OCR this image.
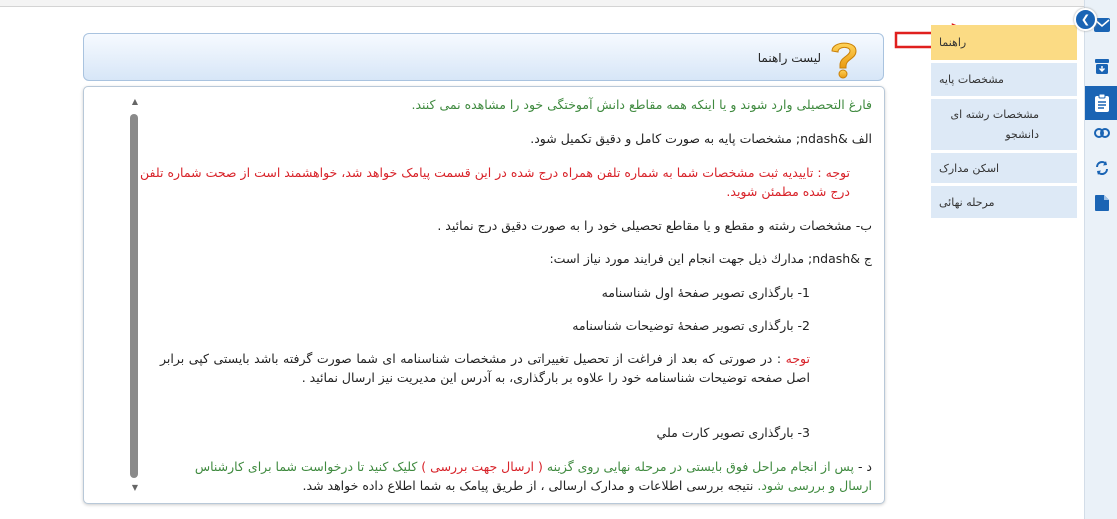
لیست راهنما
▲
▼
فارغ التحصیلی وارد شوند و یا اینکه همه مقاطع دانش آموختگی خود را مشاهده نمی کنند.
الف &ndash; مشخصات پایه به صورت کامل و دقیق تکمیل شود.
توجه : تاییدیه ثبت مشخصات شما به شماره تلفن همراه درج شده در این قسمت پیامک خواهد شد، خواهشمند است از صحت شماره تلفن درج شده مطمئن شوید.
ب- مشخصات رشته و مقطع و یا مقاطع تحصیلی خود را به صورت دقیق درج نمائید .
ج &ndash; مدارك ذيل جهت انجام اين فرايند مورد نياز است:
1- بارگذاری تصویر صفحهٔ اول شناسنامه
2- بارگذاری تصویر صفحهٔ توضیحات شناسنامه
توجه : در صورتی که بعد از فراغت از تحصیل تغییراتی در مشخصات شناسنامه ای شما صورت گرفته باشد بایستی کپی برابر اصل صفحه توضیحات شناسنامه خود را علاوه بر بارگذاری، به آدرس این مدیریت نیز ارسال نمائید .
3- بارگذاری تصویر کارت ملي
د - پس از انجام مراحل فوق بایستی در مرحله نهایی روی گزینه ( ارسال جهت بررسی ) کلیک کنید تا درخواست شما برای کارشناس
ارسال و بررسی شود. نتیجه بررسی اطلاعات و مدارک ارسالی ، از طریق پیامک به شما اطلاع داده خواهد شد.
راهنما
مشخصات پایه
مشخصات رشته ای دانشجو
اسکن مدارک
مرحله نهائی
❮
